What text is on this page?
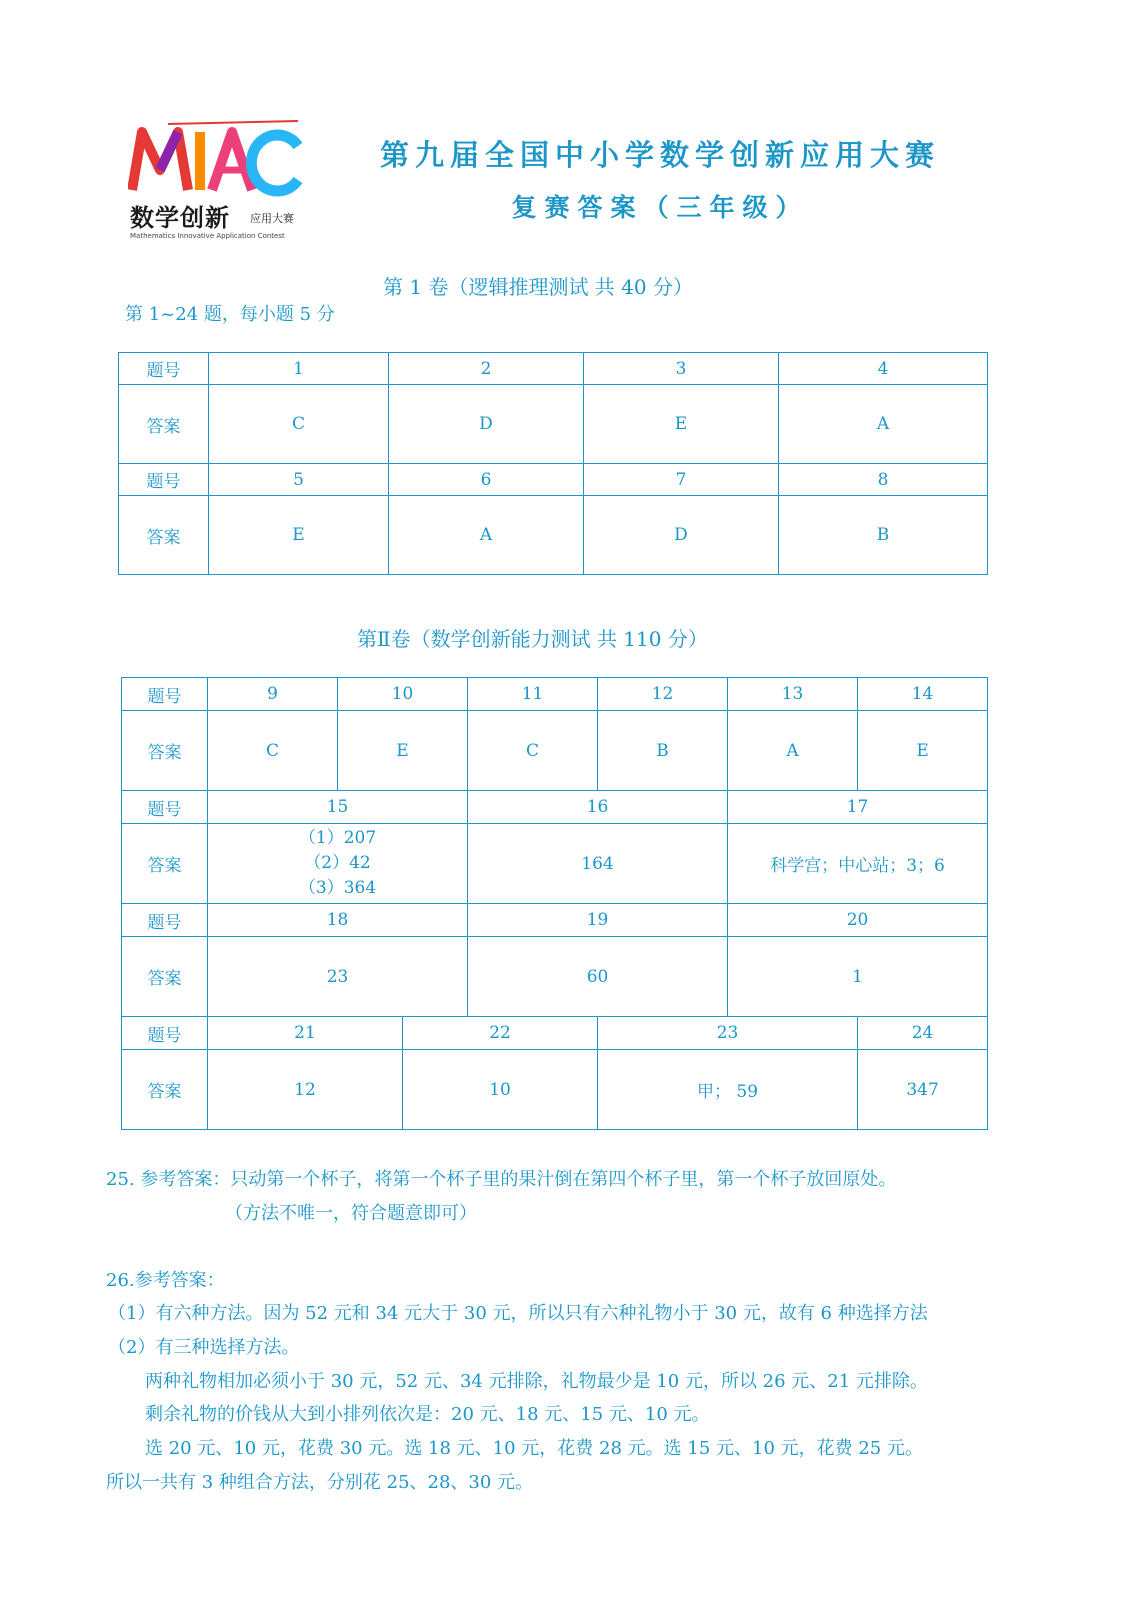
数学创新 应用大赛
Mathematics Innovative Application Contest
第九届全国中小学数学创新应用大赛
复赛答案（三年级）
第 1 卷（逻辑推理测试 共 40 分）
第 1~24 题，每小题 5 分
题号	1	2	3	4
答案	C	D	E	A
题号	5	6	7	8
答案	E	A	D	B
第Ⅱ卷（数学创新能力测试 共 110 分）
题号	9	10		11	12	13	14
答案	C	E		C	B	A	E
题号	15			16		17	
答案	（1）207
（2）42
（3）364			164		科学宫；中心站；3；6	
题号	18			19		20	
答案	23			60		1	
题号	21		22		23		24
答案	12		10		甲； 59		347
25. 参考答案：只动第一个杯子，将第一个杯子里的果汁倒在第四个杯子里，第一个杯子放回原处。
（方法不唯一，符合题意即可）
26.参考答案：
（1）有六种方法。因为 52 元和 34 元大于 30 元，所以只有六种礼物小于 30 元，故有 6 种选择方法
（2）有三种选择方法。
两种礼物相加必须小于 30 元，52 元、34 元排除，礼物最少是 10 元，所以 26 元、21 元排除。
剩余礼物的价钱从大到小排列依次是：20 元、18 元、15 元、10 元。
选 20 元、10 元，花费 30 元。选 18 元、10 元，花费 28 元。选 15 元、10 元，花费 25 元。
所以一共有 3 种组合方法，分别花 25、28、30 元。
